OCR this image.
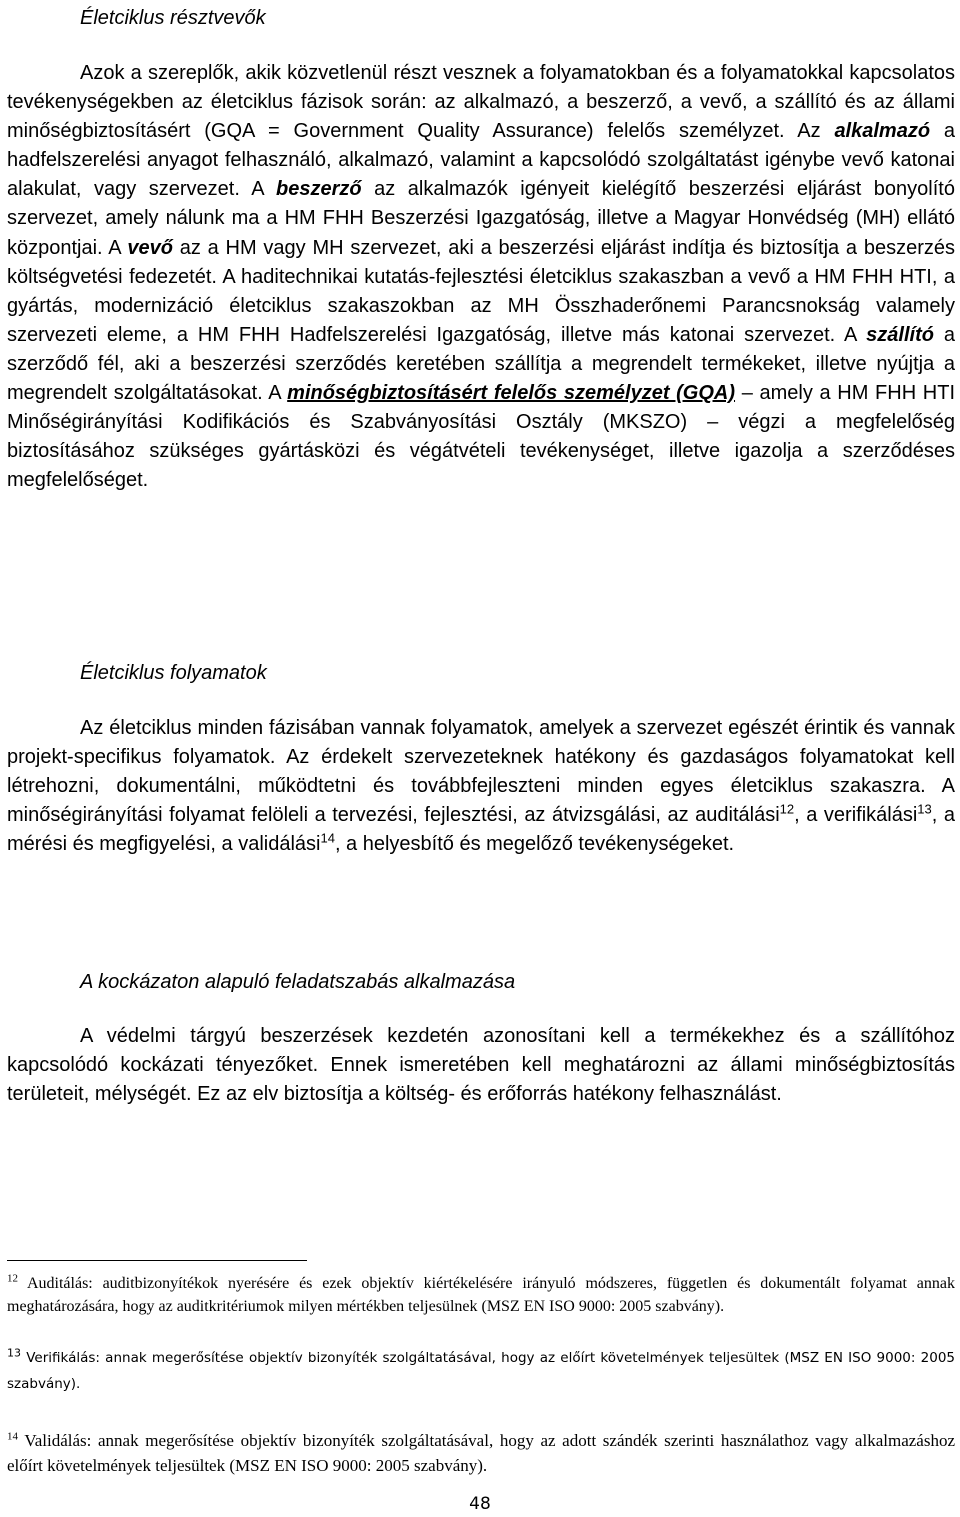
Életciklus résztvevők

Azok a szereplők, akik közvetlenül részt vesznek a folyamatokban és a folyamatokkal kapcsolatos tevékenységekben az életciklus fázisok során: az alkalmazó, a beszerző, a vevő, a szállító és az állami minőségbiztosításért (GQA = Government Quality Assurance) felelős személyzet. Az alkalmazó a hadfelszerelési anyagot felhasználó, alkalmazó, valamint a kapcsolódó szolgáltatást igénybe vevő katonai alakulat, vagy szervezet. A beszerző az alkalmazók igényeit kielégítő beszerzési eljárást bonyolító szervezet, amely nálunk ma a HM FHH Beszerzési Igazgatóság, illetve a Magyar Honvédség (MH) ellátó központjai. A vevő az a HM vagy MH szervezet, aki a beszerzési eljárást indítja és biztosítja a beszerzés költségvetési fedezetét. A haditechnikai kutatás-fejlesztési életciklus szakaszban a vevő a HM FHH HTI, a gyártás, modernizáció életciklus szakaszokban az MH Összhaderőnemi Parancsnokság valamely szervezeti eleme, a HM FHH Hadfelszerelési Igazgatóság, illetve más katonai szervezet. A szállító a szerződő fél, aki a beszerzési szerződés keretében szállítja a megrendelt termékeket, illetve nyújtja a megrendelt szolgáltatásokat. A minőségbiztosításért felelős személyzet (GQA) – amely a HM FHH HTI Minőségirányítási Kodifikációs és Szabványosítási Osztály (MKSZO) – végzi a megfelelőség biztosításához szükséges gyártásközi és végátvételi tevékenységet, illetve igazolja a szerződéses megfelelőséget.

Életciklus folyamatok

Az életciklus minden fázisában vannak folyamatok, amelyek a szervezet egészét érintik és vannak projekt-specifikus folyamatok. Az érdekelt szervezeteknek hatékony és gazdaságos folyamatokat kell létrehozni, dokumentálni, működtetni és továbbfejleszteni minden egyes életciklus szakaszra. A minőségirányítási folyamat felöleli a tervezési, fejlesztési, az átvizsgálási, az auditálási$^{12}$, a verifikálási$^{13}$, a mérési és megfigyelési, a validálási$^{14}$, a helyesbítő és megelőző tevékenységeket.

A kockázaton alapuló feladatszabás alkalmazása

A védelmi tárgyú beszerzések kezdetén azonosítani kell a termékekhez és a szállítóhoz kapcsolódó kockázati tényezőket. Ennek ismeretében kell meghatározni az állami minőségbiztosítás területeit, mélységét. Ez az elv biztosítja a költség- és erőforrás hatékony felhasználást.

$^{12}$ Auditálás: auditbizonyítékok nyerésére és ezek objektív kiértékelésére irányuló módszeres, független és dokumentált folyamat annak meghatározására, hogy az auditkritériumok milyen mértékben teljesülnek (MSZ EN ISO 9000: 2005 szabvány).

$^{13}$ Verifikálás: annak megerősítése objektív bizonyíték szolgáltatásával, hogy az előírt követelmények teljesültek (MSZ EN ISO 9000: 2005 szabvány).

$^{14}$ Validálás: annak megerősítése objektív bizonyíték szolgáltatásával, hogy az adott szándék szerinti használathoz vagy alkalmazáshoz előírt követelmények teljesültek (MSZ EN ISO 9000: 2005 szabvány).

48
